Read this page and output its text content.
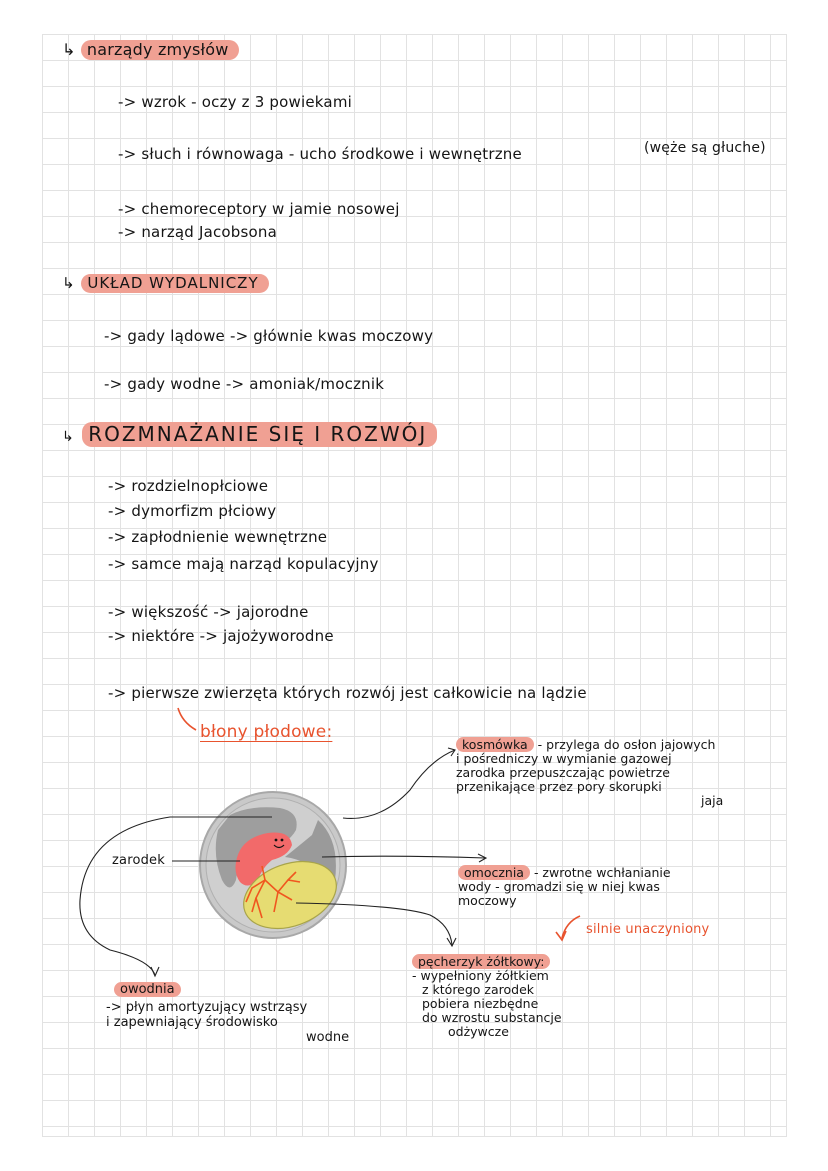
↳ narządy zmysłów
-> wzrok - oczy z 3 powiekami
-> słuch i równowaga - ucho środkowe i wewnętrzne	(węże są głuche)
-> chemoreceptory w jamie nosowej
-> narząd Jacobsona
↳ UKŁAD WYDALNICZY
-> gady lądowe -> głównie kwas moczowy
-> gady wodne -> amoniak/mocznik
↳ ROZMNAŻANIE SIĘ I ROZWÓJ
-> rozdzielnopłciowe
-> dymorfizm płciowy
-> zapłodnienie wewnętrzne
-> samce mają narząd kopulacyjny
-> większość -> jajorodne
-> niektóre -> jajożyworodne
-> pierwsze zwierzęta których rozwój jest całkowicie na lądzie
błony płodowe:
zarodek
kosmówka - przylega do osłon jajowych
i pośredniczy w wymianie gazowej
zarodka przepuszczając powietrze
przenikające przez pory skorupki
jaja
omocznia - zwrotne wchłanianie
wody - gromadzi się w niej kwas
moczowy
silnie unaczyniony
pęcherzyk żółtkowy:
- wypełniony żółtkiem
z którego zarodek
pobiera niezbędne
do wzrostu substancje
odżywcze
owodnia
-> płyn amortyzujący wstrząsy
i zapewniający środowisko
wodne
